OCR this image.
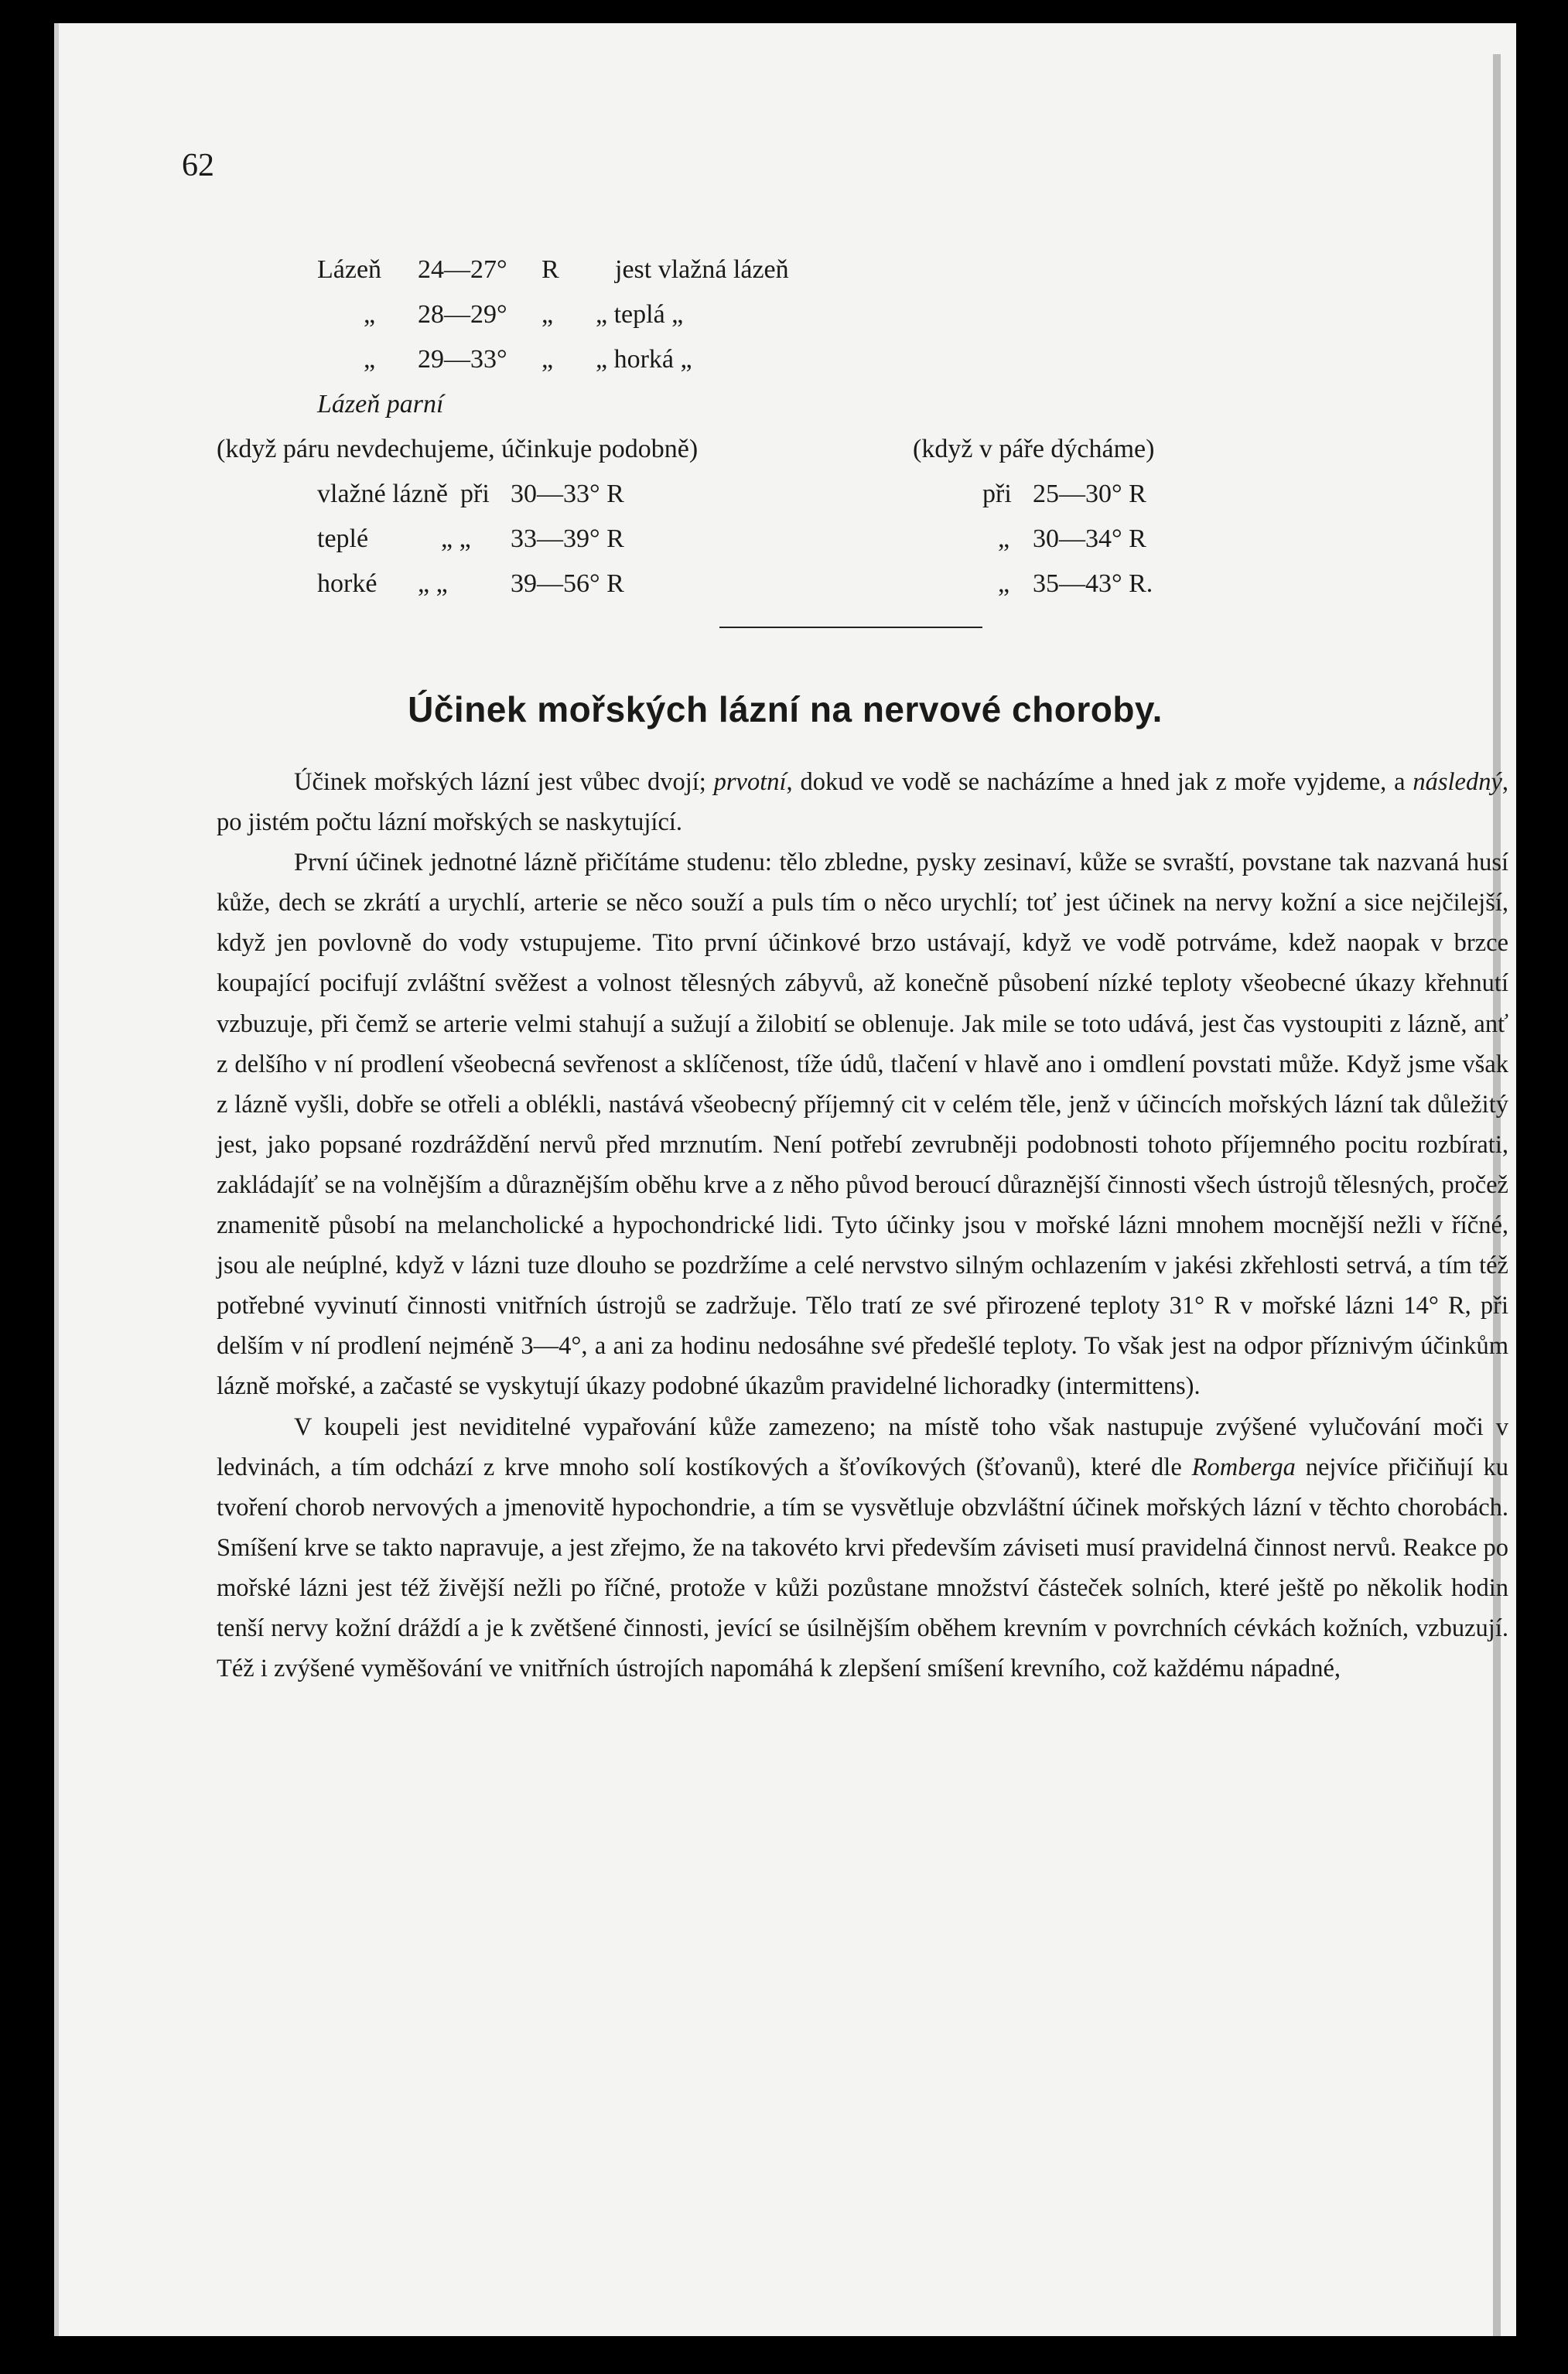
62
Lázeň 24—27° R jest vlažná lázeň
„ 28—29° „ „ teplá „
„ 29—33° „ „ horká „
Lázeň parní
(když páru nevdechujeme, účinkuje podobně)	(když v páře dýcháme)
vlažné lázně při 30—33° R	při 25—30° R
teplé	„ „ 33—39° R	„ 30—34° R
horké „ „ 39—56° R	„ 35—43° R.
Účinek mořských lázní na nervové choroby.

Účinek mořských lázní jest vůbec dvojí; prvotní, dokud ve vodě se nacházíme a hned jak z moře vyjdeme, a následný, po jistém počtu lázní mořských se naskytující.

První účinek jednotné lázně přičítáme studenu: tělo zbledne, pysky zesinaví, kůže se svraští, povstane tak nazvaná husí kůže, dech se zkrátí a urychlí, arterie se něco souží a puls tím o něco urychlí; toť jest účinek na nervy kožní a sice nejčilejší, když jen povlovně do vody vstupujeme. Tito první účinkové brzo ustávají, když ve vodě potrváme, kdež naopak v brzce koupající pocifují zvláštní svěžest a volnost tělesných zábyvů, až konečně působení nízké teploty všeobecné úkazy křehnutí vzbuzuje, při čemž se arterie velmi stahují a sužují a žilobití se oblenuje. Jak mile se toto udává, jest čas vystoupiti z lázně, anť z delšího v ní prodlení všeobecná sevřenost a sklíčenost, tíže údů, tlačení v hlavě ano i omdlení povstati může. Když jsme však z lázně vyšli, dobře se otřeli a oblékli, nastává všeobecný příjemný cit v celém těle, jenž v účincích mořských lázní tak důležitý jest, jako popsané rozdráždění nervů před mrznutím. Není potřebí zevrubněji podobnosti tohoto příjemného pocitu rozbírati, zakládajíť se na volnějším a důraznějším oběhu krve a z něho původ beroucí důraznější činnosti všech ústrojů tělesných, pročež znamenitě působí na melancholické a hypochondrické lidi. Tyto účinky jsou v mořské lázni mnohem mocnější nežli v říčné, jsou ale neúplné, když v lázni tuze dlouho se pozdržíme a celé nervstvo silným ochlazením v jakési zkřehlosti setrvá, a tím též potřebné vyvinutí činnosti vnitřních ústrojů se zadržuje. Tělo tratí ze své přirozené teploty 31° R v mořské lázni 14° R, při delším v ní prodlení nejméně 3—4°, a ani za hodinu nedosáhne své předešlé teploty. To však jest na odpor příznivým účinkům lázně mořské, a začasté se vyskytují úkazy podobné úkazům pravidelné lichoradky (intermittens).

V koupeli jest neviditelné vypařování kůže zamezeno; na místě toho však nastupuje zvýšené vylučování moči v ledvinách, a tím odchází z krve mnoho solí kostíkových a šťovíkových (šťovanů), které dle Romberga nejvíce přičiňují ku tvoření chorob nervových a jmenovitě hypochondrie, a tím se vysvětluje obzvláštní účinek mořských lázní v těchto chorobách. Smíšení krve se takto napravuje, a jest zřejmo, že na takovéto krvi především záviseti musí pravidelná činnost nervů. Reakce po mořské lázni jest též živější nežli po říčné, protože v kůži pozůstane množství částeček solních, které ještě po několik hodin tenší nervy kožní dráždí a je k zvětšené činnosti, jevící se úsilnějším oběhem krevním v povrchních cévkách kožních, vzbuzují. Též i zvýšené vyměšování ve vnitřních ústrojích napomáhá k zlepšení smíšení krevního, což každému nápadné,
